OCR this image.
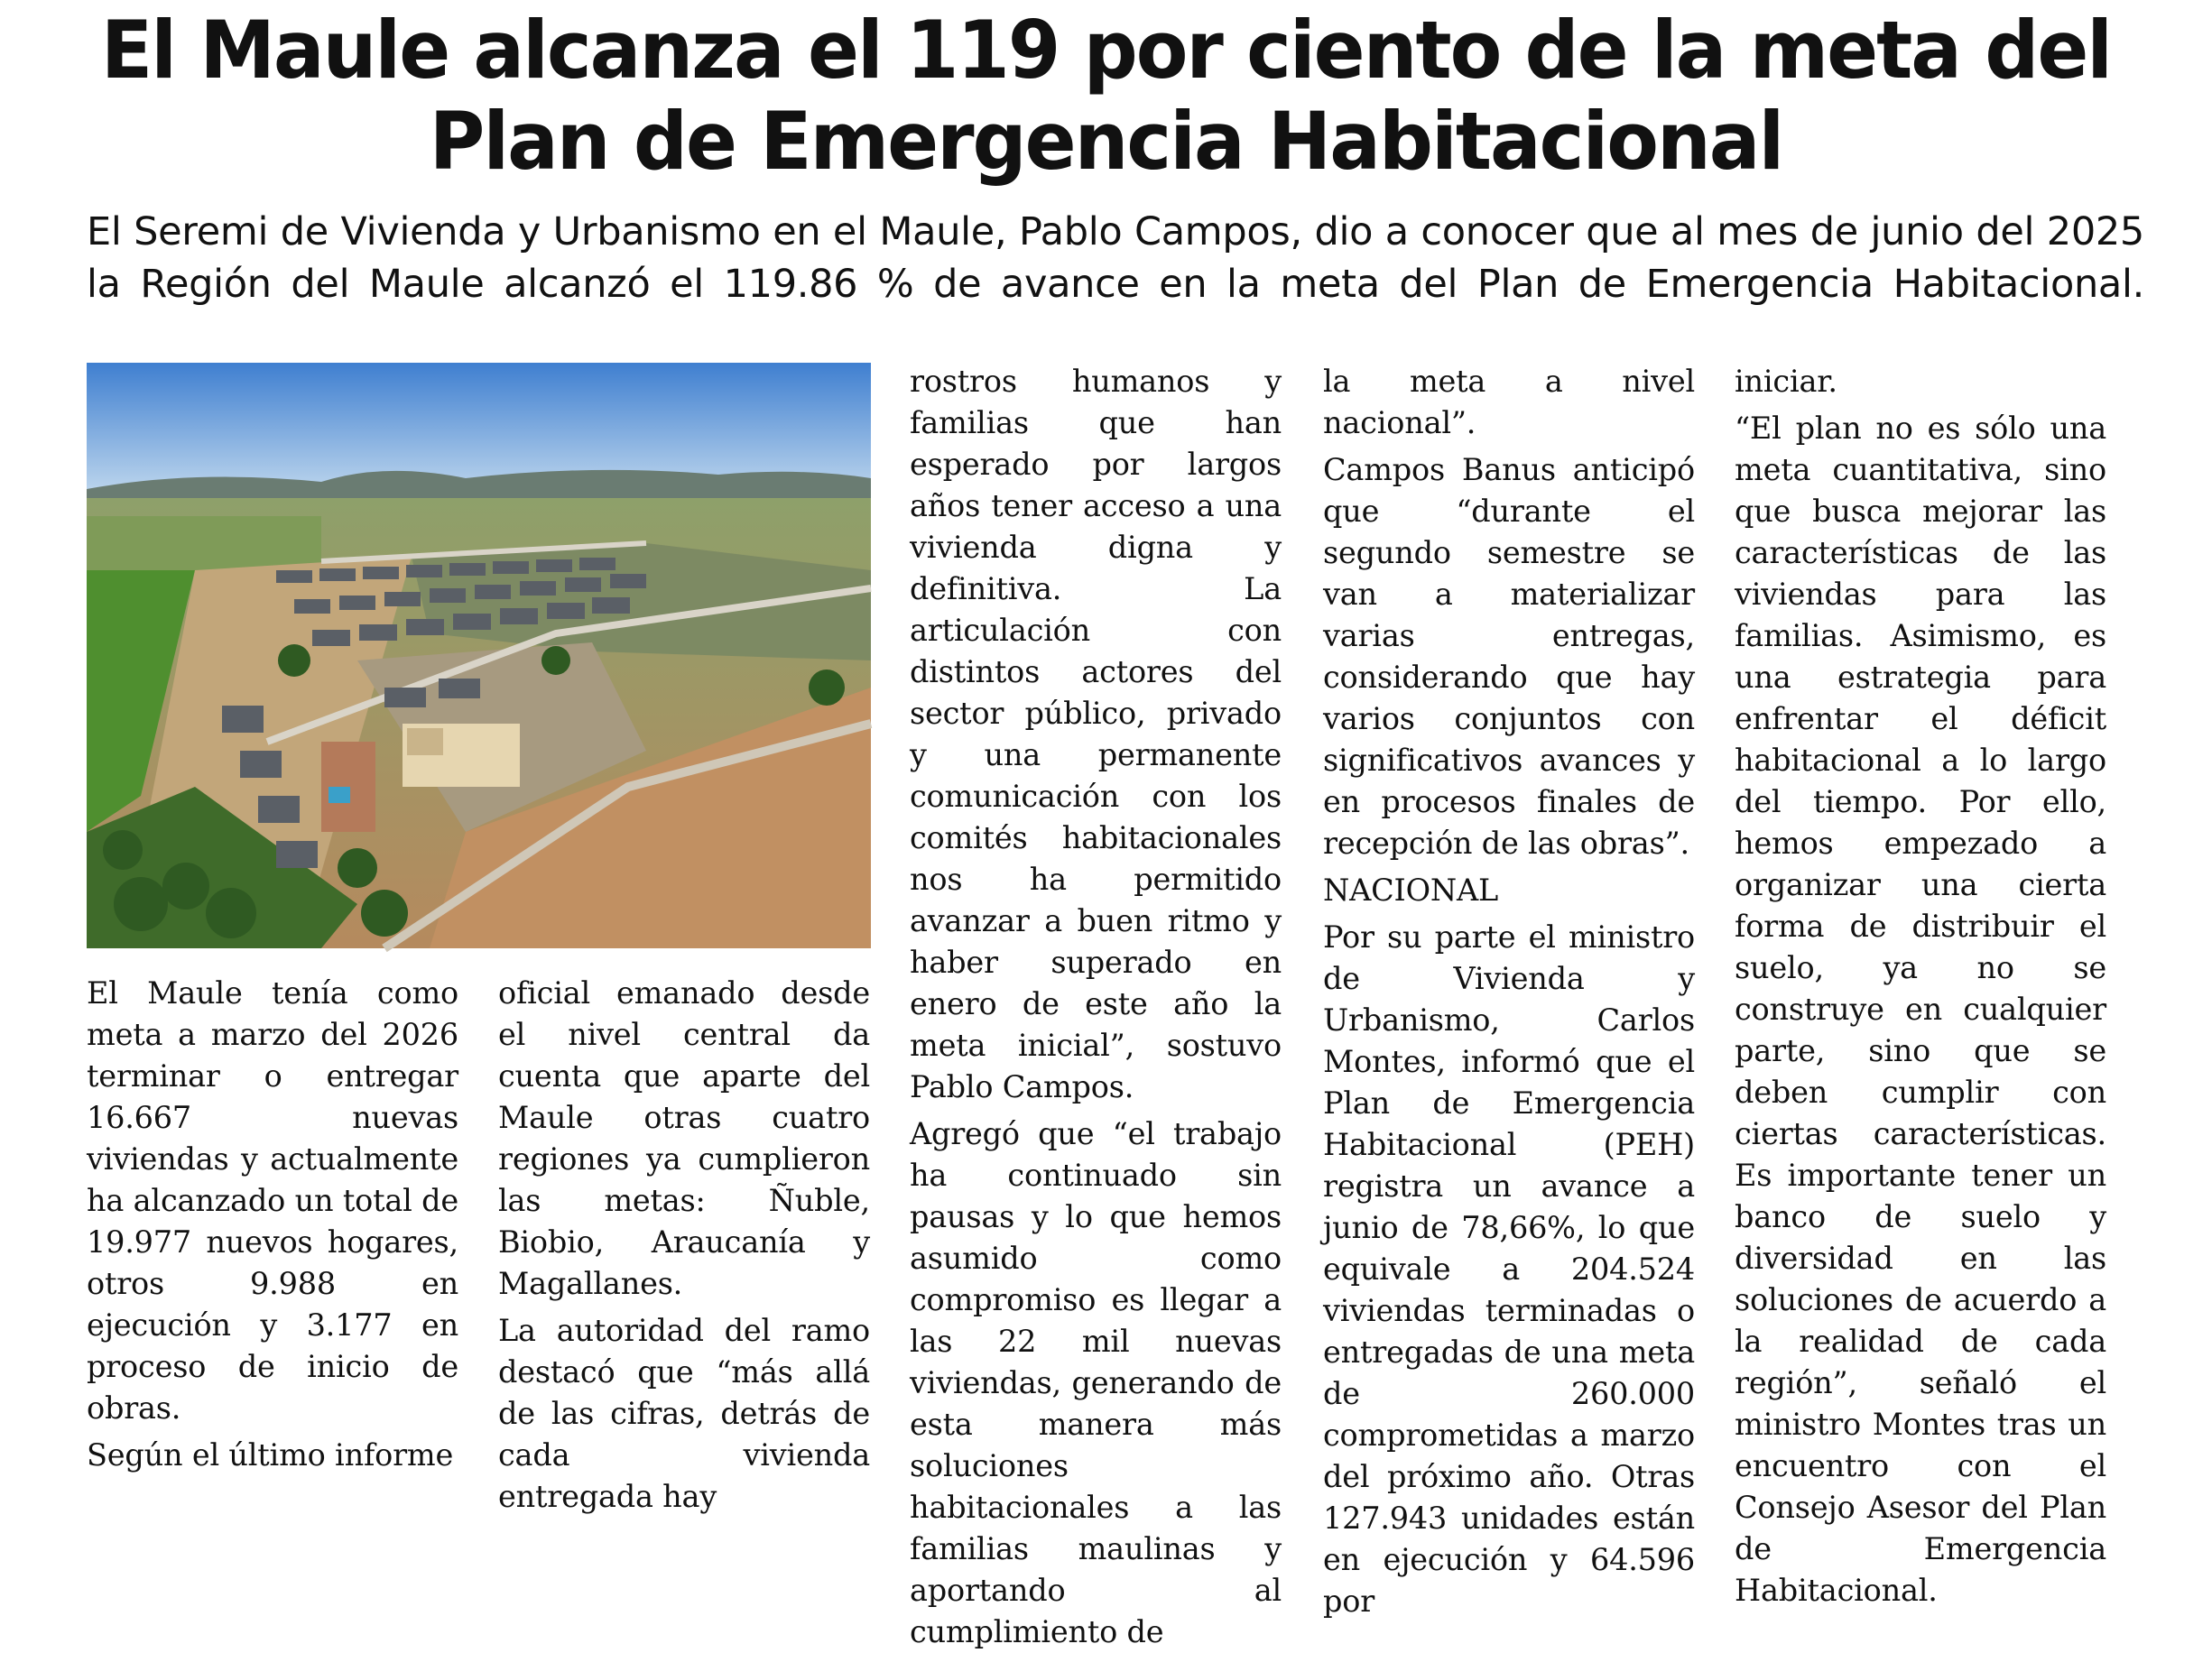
El Maule alcanza el 119 por ciento de la meta del Plan de Emergencia Habitacional

El Seremi de Vivienda y Urbanismo en el Maule, Pablo Campos, dio a conocer que al mes de junio del 2025 la Región del Maule alcanzó el 119.86 % de avance en la meta del Plan de Emergencia Habitacional.

El Maule tenía como meta a marzo del 2026 terminar o entregar 16.667 nuevas viviendas y actualmente ha alcanzado un total de 19.977 nuevos hogares, otros 9.988 en ejecución y 3.177 en proceso de inicio de obras.

Según el último informe

oficial emanado desde el nivel central da cuenta que aparte del Maule otras cuatro regiones ya cumplieron las metas: Ñuble, Biobio, Araucanía y Magallanes.

La autoridad del ramo destacó que “más allá de las cifras, detrás de cada vivienda entregada hay

rostros humanos y familias que han esperado por largos años tener acceso a una vivienda digna y definitiva. La articulación con distintos actores del sector público, privado y una permanente comunicación con los comités habitacionales nos ha permitido avanzar a buen ritmo y haber superado en enero de este año la meta inicial”, sostuvo Pablo Campos.

Agregó que “el trabajo ha continuado sin pausas y lo que hemos asumido como compromiso es llegar a las 22 mil nuevas viviendas, generando de esta manera más soluciones habitacionales a las familias maulinas y aportando al cumplimiento de

la meta a nivel nacional”.

Campos Banus anticipó que “durante el segundo semestre se van a materializar varias entregas, considerando que hay varios conjuntos con significativos avances y en procesos finales de recepción de las obras”.

NACIONAL

Por su parte el ministro de Vivienda y Urbanismo, Carlos Montes, informó que el Plan de Emergencia Habitacional (PEH) registra un avance a junio de 78,66%, lo que equivale a 204.524 viviendas terminadas o entregadas de una meta de 260.000 comprometidas a marzo del próximo año. Otras 127.943 unidades están en ejecución y 64.596 por

iniciar.

“El plan no es sólo una meta cuantitativa, sino que busca mejorar las características de las viviendas para las familias. Asimismo, es una estrategia para enfrentar el déficit habitacional a lo largo del tiempo. Por ello, hemos empezado a organizar una cierta forma de distribuir el suelo, ya no se construye en cualquier parte, sino que se deben cumplir con ciertas características. Es importante tener un banco de suelo y diversidad en las soluciones de acuerdo a la realidad de cada región”, señaló el ministro Montes tras un encuentro con el Consejo Asesor del Plan de Emergencia Habitacional.
